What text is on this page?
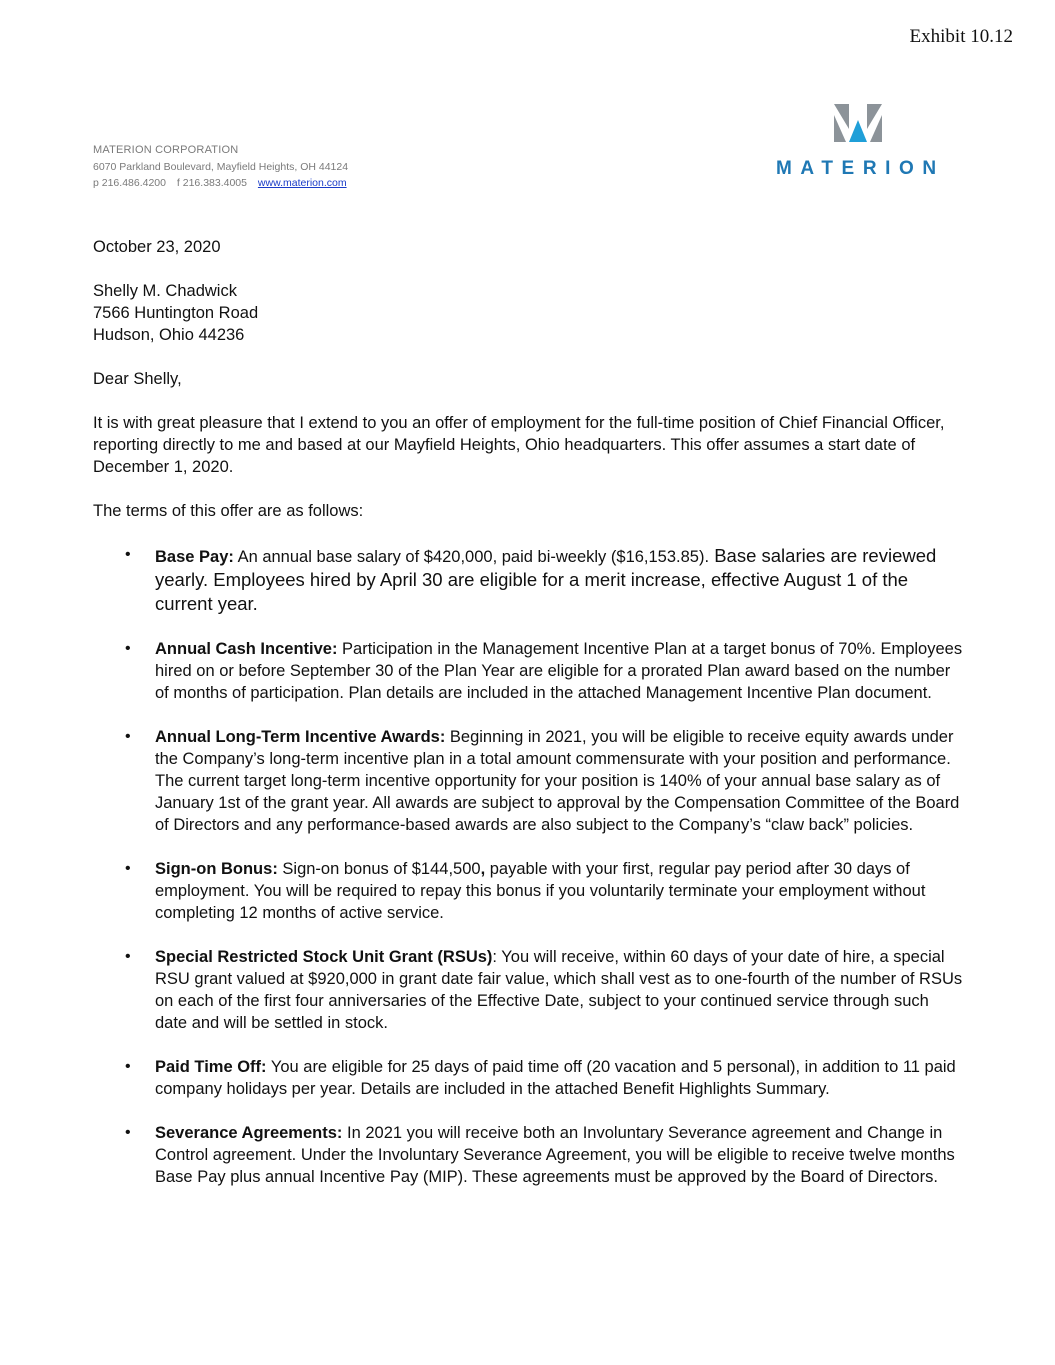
Exhibit 10.12
MATERION CORPORATION
6070 Parkland Boulevard, Mayfield Heights, OH 44124
p 216.486.4200 f 216.383.4005 www.materion.com
MATERION

October 23, 2020

Shelly M. Chadwick

7566 Huntington Road

Hudson, Ohio 44236

Dear Shelly,

It is with great pleasure that I extend to you an offer of employment for the full-time position of Chief Financial Officer, reporting directly to me and based at our Mayfield Heights, Ohio headquarters. This offer assumes a start date of December 1, 2020.

The terms of this offer are as follows:

• Base Pay: An annual base salary of $420,000, paid bi-weekly ($16,153.85). Base salaries are reviewed yearly. Employees hired by April 30 are eligible for a merit increase, effective August 1 of the current year.
• Annual Cash Incentive: Participation in the Management Incentive Plan at a target bonus of 70%. Employees hired on or before September 30 of the Plan Year are eligible for a prorated Plan award based on the number of months of participation. Plan details are included in the attached Management Incentive Plan document.
• Annual Long-Term Incentive Awards: Beginning in 2021, you will be eligible to receive equity awards under the Company’s long-term incentive plan in a total amount commensurate with your position and performance. The current target long-term incentive opportunity for your position is 140% of your annual base salary as of January 1st of the grant year. All awards are subject to approval by the Compensation Committee of the Board of Directors and any performance-based awards are also subject to the Company’s “claw back” policies.
• Sign-on Bonus: Sign-on bonus of $144,500, payable with your first, regular pay period after 30 days of employment. You will be required to repay this bonus if you voluntarily terminate your employment without completing 12 months of active service.
• Special Restricted Stock Unit Grant (RSUs): You will receive, within 60 days of your date of hire, a special RSU grant valued at $920,000 in grant date fair value, which shall vest as to one-fourth of the number of RSUs on each of the first four anniversaries of the Effective Date, subject to your continued service through such date and will be settled in stock.
• Paid Time Off: You are eligible for 25 days of paid time off (20 vacation and 5 personal), in addition to 11 paid company holidays per year. Details are included in the attached Benefit Highlights Summary.
• Severance Agreements: In 2021 you will receive both an Involuntary Severance agreement and Change in Control agreement. Under the Involuntary Severance Agreement, you will be eligible to receive twelve months Base Pay plus annual Incentive Pay (MIP). These agreements must be approved by the Board of Directors.
